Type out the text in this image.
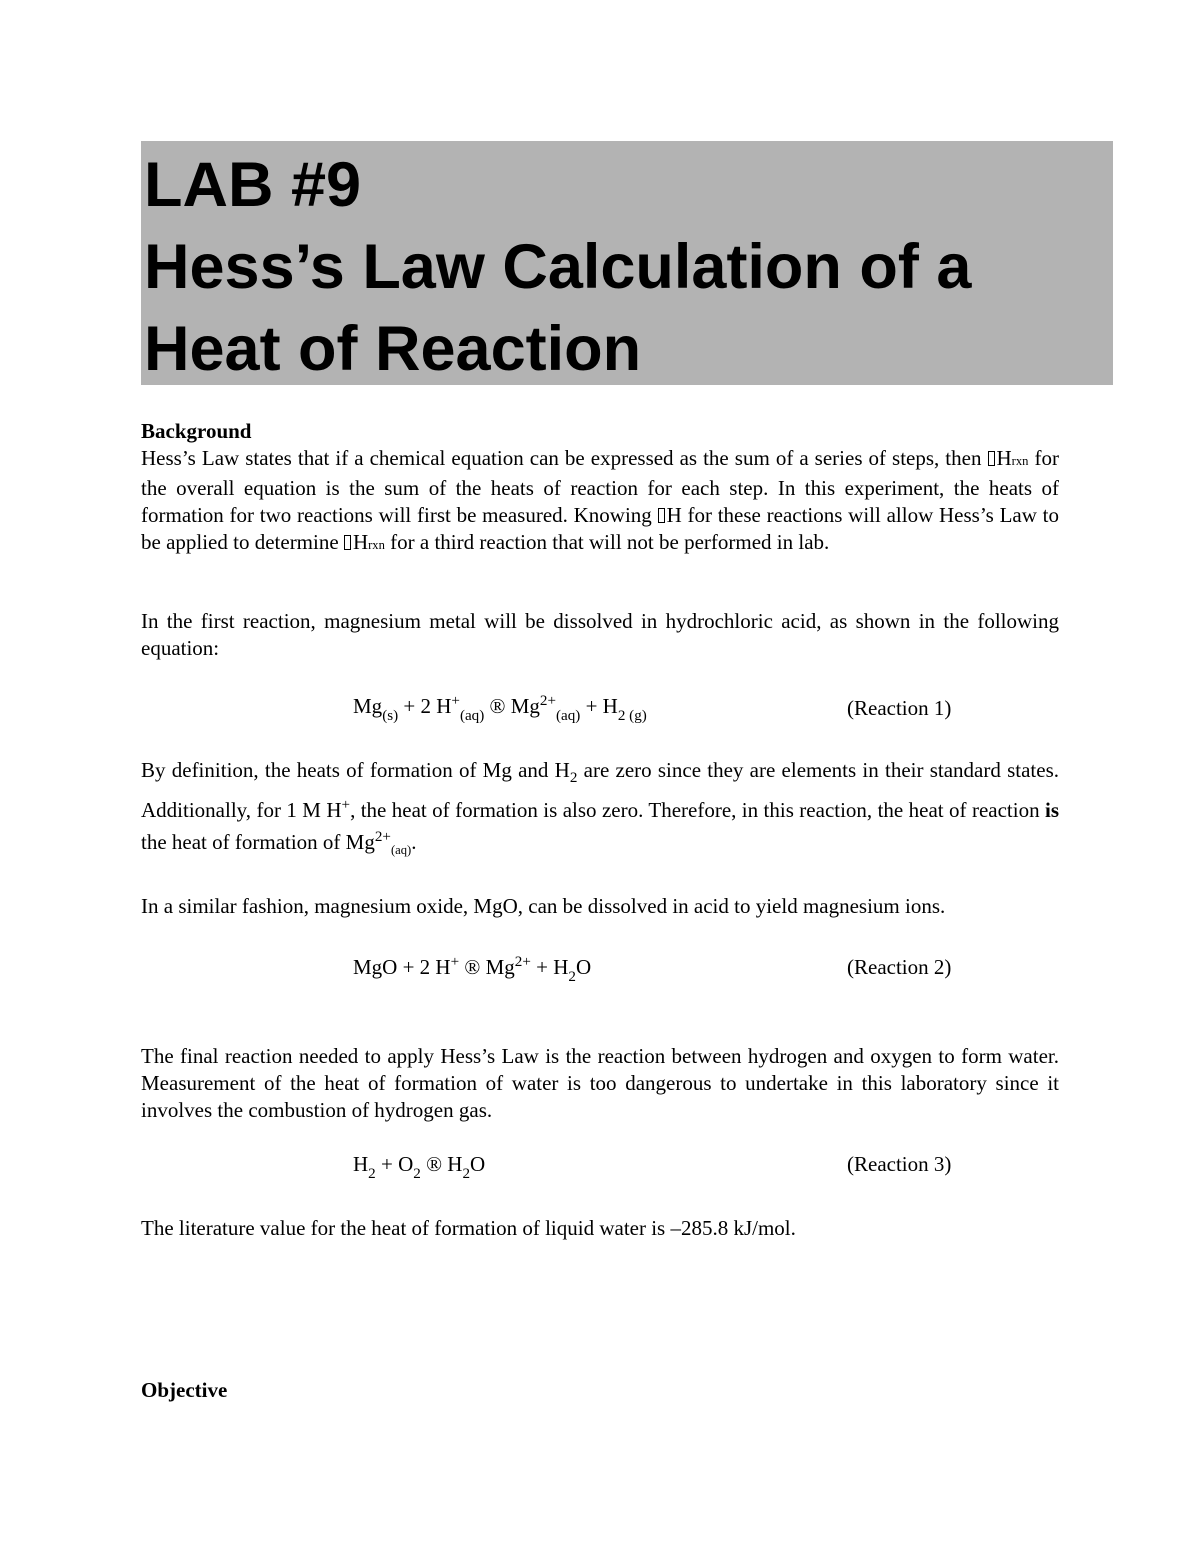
LAB #9
Hess’s Law Calculation of a
Heat of Reaction
Background

Hess’s Law states that if a chemical equation can be expressed as the sum of a series of steps, then Hrxn for the overall equation is the sum of the heats of reaction for each step. In this experiment, the heats of formation for two reactions will first be measured. Knowing H for these reactions will allow Hess’s Law to be applied to determine Hrxn for a third reaction that will not be performed in lab.

In the first reaction, magnesium metal will be dissolved in hydrochloric acid, as shown in the following equation:

$Mg_{(s)} + 2$ $H^+_{(aq)}$ ® $Mg^{2+}_{(aq)} + H_{2 (g)}$	(Reaction 1)

By definition, the heats of formation of Mg and $H_2$ are zero since they are elements in their standard states. Additionally, for 1 M H+, the heat of formation is also zero. Therefore, in this reaction, the heat of reaction is the heat of formation of $Mg^{2+}_{(aq)}$.

In a similar fashion, magnesium oxide, MgO, can be dissolved in acid to yield magnesium ions.

MgO + 2 H+ ® $Mg^{2+} + H_2O$	(Reaction 2)

The final reaction needed to apply Hess’s Law is the reaction between hydrogen and oxygen to form water. Measurement of the heat of formation of water is too dangerous to undertake in this laboratory since it involves the combustion of hydrogen gas.

$H_2 + O_2$ ® $H_2O$	(Reaction 3)

The literature value for the heat of formation of liquid water is –285.8 kJ/mol.

Objective
